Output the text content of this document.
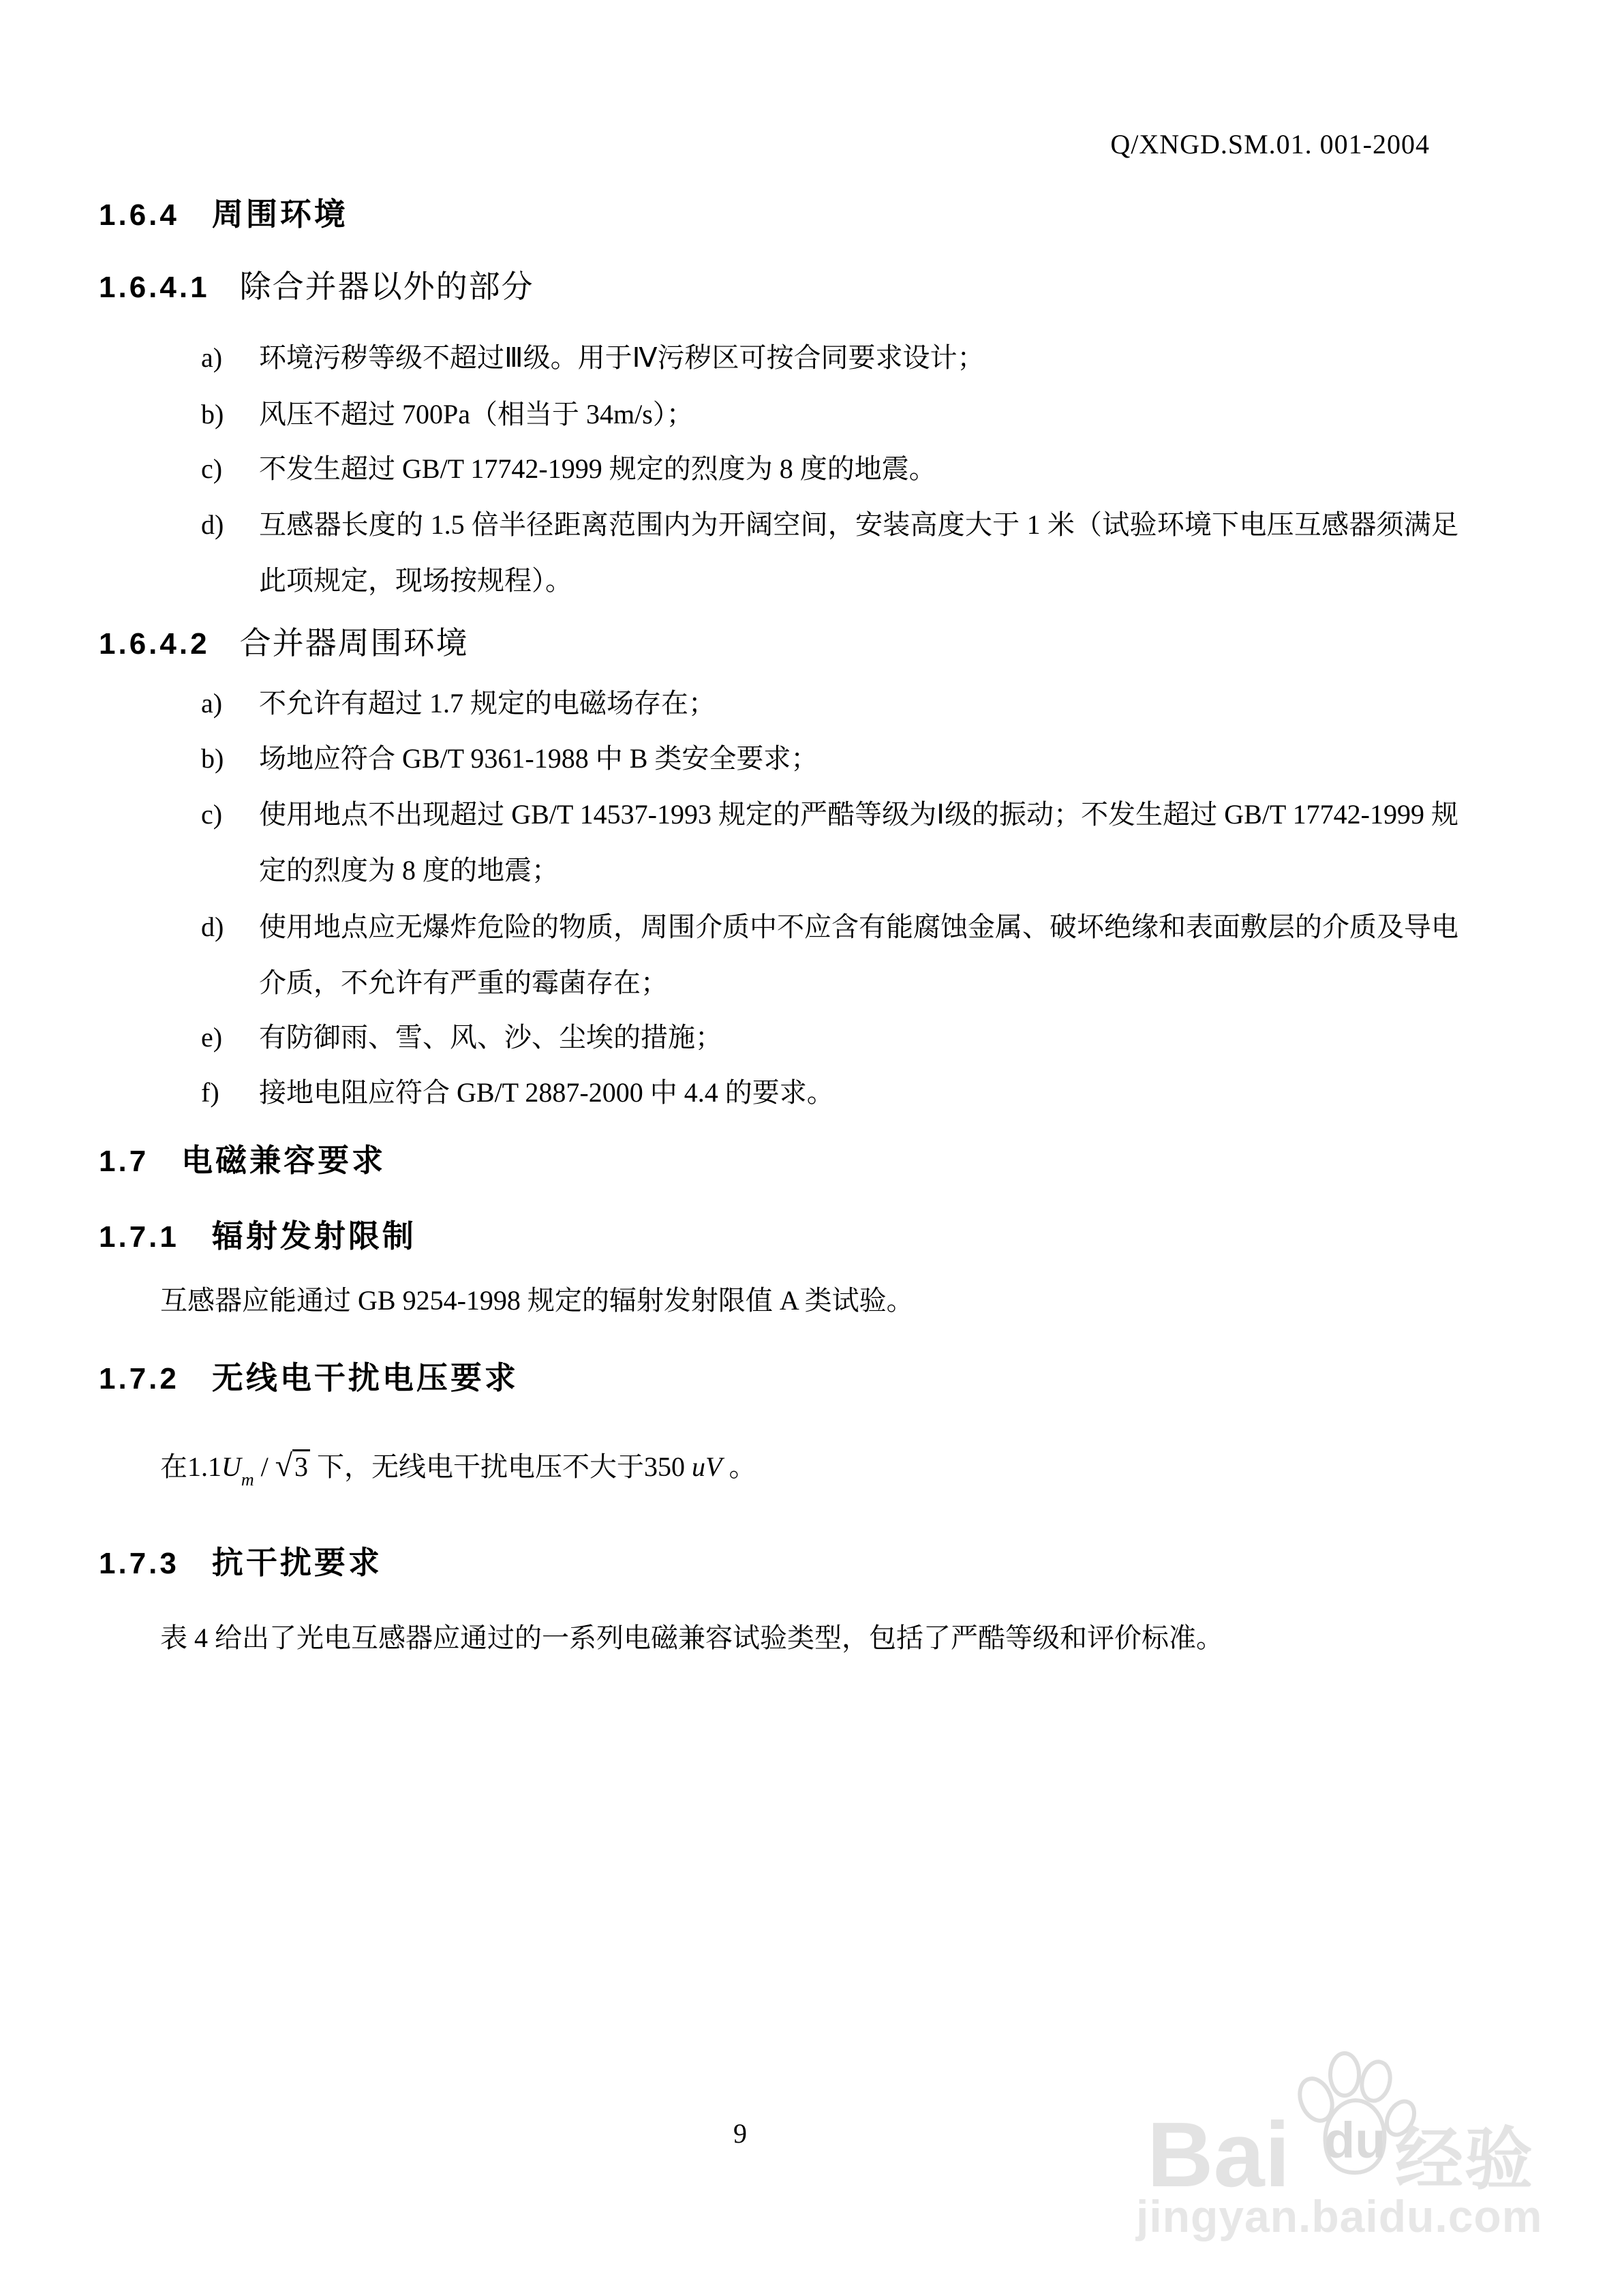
Q/XNGD.SM.01. 001-2004
1.6.4 周围环境
1.6.4.1 除合并器以外的部分
a)	环境污秽等级不超过Ⅲ级。用于Ⅳ污秽区可按合同要求设计；
b)	风压不超过 700Pa（相当于 34m/s）；
c)	不发生超过 GB/T 17742-1999 规定的烈度为 8 度的地震。
d)	互感器长度的 1.5 倍半径距离范围内为开阔空间，安装高度大于 1 米（试验环境下电压互感器须满足此项规定，现场按规程）。
1.6.4.2 合并器周围环境
a)	不允许有超过 1.7 规定的电磁场存在；
b)	场地应符合 GB/T 9361-1988 中 B 类安全要求；
c)	使用地点不出现超过 GB/T 14537-1993 规定的严酷等级为Ⅰ级的振动；不发生超过 GB/T 17742-1999 规定的烈度为 8 度的地震；
d)	使用地点应无爆炸危险的物质，周围介质中不应含有能腐蚀金属、破坏绝缘和表面敷层的介质及导电介质，不允许有严重的霉菌存在；
e)	有防御雨、雪、风、沙、尘埃的措施；
f)	接地电阻应符合 GB/T 2887-2000 中 4.4 的要求。
1.7 电磁兼容要求
1.7.1 辐射发射限制
互感器应能通过 GB 9254-1998 规定的辐射发射限值 A 类试验。
1.7.2 无线电干扰电压要求
在$1.1U_m / √3$ 下，无线电干扰电压不大于350 uV 。
1.7.3 抗干扰要求
表 4 给出了光电互感器应通过的一系列电磁兼容试验类型，包括了严酷等级和评价标准。
9	Bai du 经验
jingyan.baidu.com
